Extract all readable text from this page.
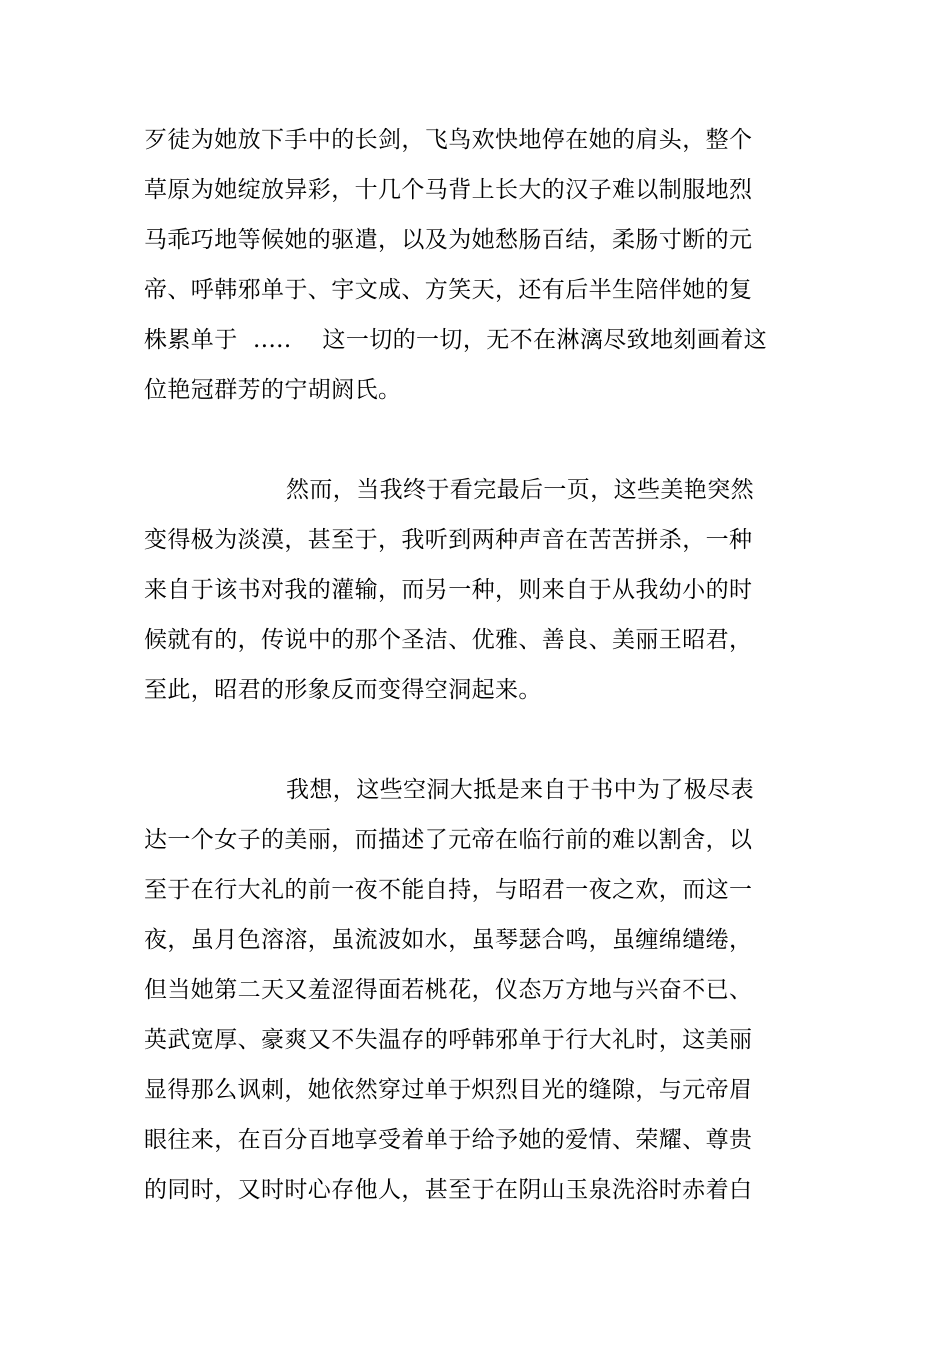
歹徒为她放下手中的长剑，飞鸟欢快地停在她的肩头，整个
草原为她绽放异彩，十几个马背上长大的汉子难以制服地烈
马乖巧地等候她的驱遣，以及为她愁肠百结，柔肠寸断的元
帝、呼韩邪单于、宇文成、方笑天，还有后半生陪伴她的复
株累单于  .....    这一切的一切，无不在淋漓尽致地刻画着这
位艳冠群芳的宁胡阏氏。
然而，当我终于看完最后一页，这些美艳突然
变得极为淡漠，甚至于，我听到两种声音在苦苦拼杀，一种
来自于该书对我的灌输，而另一种，则来自于从我幼小的时
候就有的，传说中的那个圣洁、优雅、善良、美丽王昭君，
至此，昭君的形象反而变得空洞起来。
我想，这些空洞大抵是来自于书中为了极尽表
达一个女子的美丽，而描述了元帝在临行前的难以割舍，以
至于在行大礼的前一夜不能自持，与昭君一夜之欢，而这一
夜，虽月色溶溶，虽流波如水，虽琴瑟合鸣，虽缠绵缱绻，
但当她第二天又羞涩得面若桃花，仪态万方地与兴奋不已、
英武宽厚、豪爽又不失温存的呼韩邪单于行大礼时，这美丽
显得那么讽刺，她依然穿过单于炽烈目光的缝隙，与元帝眉
眼往来，在百分百地享受着单于给予她的爱情、荣耀、尊贵
的同时，又时时心存他人，甚至于在阴山玉泉洗浴时赤着白
